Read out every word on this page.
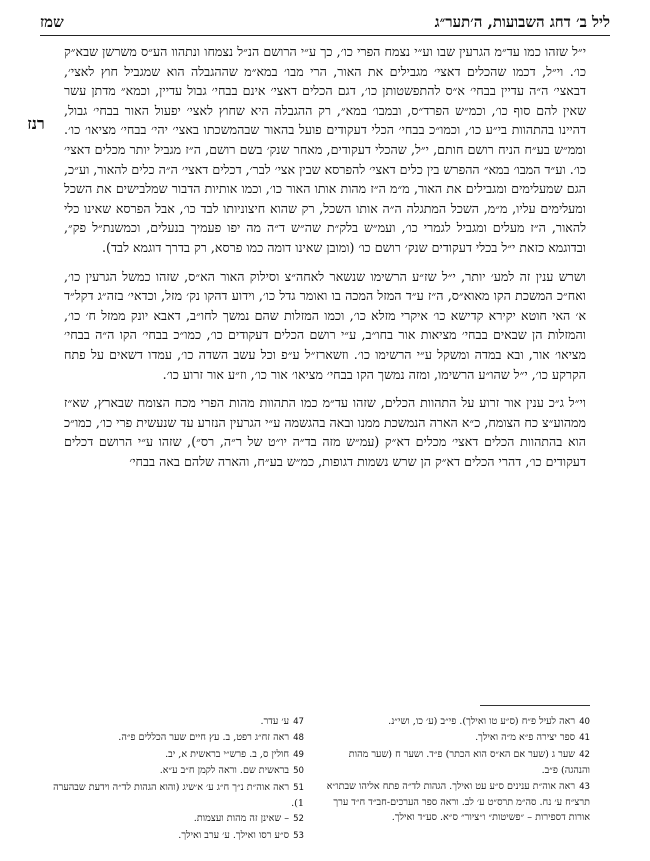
ליל ב׳ דחג השבועות, ה׳תער״ג
שמז
רנז

י״ל שזהו כמו עד״מ הגרעין שבו וע״י נצמח הפרי כו׳, כך ע״י הרושם הנ״ל נצמחו ונתהוו הע״ס משרשן שבא״ק כו׳. וי״ל, דכמו שהכלים דאצי׳ מגבילים את האור, הרי מבו׳ במא״מ שההגבלה הוא שמגביל חוץ לאצי׳, דבאצי׳ ה״ה עדיין בבחי׳ א״ס להתפשטותן כו׳, דגם הכלים דאצי׳ אינם בבחי׳ גבול עדיין, וכמא״ מדתן עשר שאין להם סוף כו׳, וכמ״ש הפרד״ס, ובמבו׳ במא״, רק ההגבלה היא שחוץ לאצי׳ יפעול האור בבחי׳ גבול, דהיינו בהתהוות בי״ע כו׳, וכמו״כ בבחי׳ הכלי דעקודים פועל בהאור שבהמשכתו באצי׳ יהי׳ בבחי׳ מציאו׳ כו׳. וממ״ש בע״ח הניח רושם חותם, י״ל, שהכלי דעקודים, מאחר שנק׳ בשם רושם, ה״ז מגביל יותר מכלים דאצי׳ כו׳. וע״ד המבו׳ במא״ ההפרש בין כלים דאצי׳ להפרסא שבין אצי׳ לבר׳, דכלים דאצי׳ ה״ה כלים להאור, וע״כ, הגם שמעלימים ומגבילים את האור, מ״מ ה״ז מהות אותו האור כו׳, וכמו אותיות הדבור שמלבישים את השכל ומעלימים עליו, מ״מ, השכל המתגלה ה״ה אותו השכל, רק שהוא חיצוניותו לבד כו׳, אבל הפרסא שאינו כלי להאור, ה״ז מעלים ומגביל לגמרי כו׳, ועמ״ש בלק״ת שה״ש ד״ה מה יפו פעמיך בנעלים, וכמשנת״ל פק״, ובדוגמא כזאת י״ל בכלי דעקודים שנק׳ רושם כו׳ (ומובן שאינו דומה כמו פרסא, רק בדרך דוגמא לבד).

ושרש ענין זה למע׳ יותר, י״ל שז״ע הרשימו שנשאר לאחה״צ וסילוק האור הא״ס, שזהו כמשל הגרעין כו׳, ואח״כ המשכת הקו מאוא״ס, ה״ז ע״ד המזל המכה בו ואומר גדל כו׳, וידוע דהקו נק׳ מזל, וכדאי׳ בזה״ג דקל״ד א׳ האי חוטא יקירא קדישא כו׳ איקרי מזלא כו׳, וכמו המזלות שהם נמשך לחו״ב, דאבא יונק ממזל ח׳ כו׳, והמזלות הן שבאים בבחי׳ מציאות אור בחו״ב, ע״י רושם הכלים דעקודים כו׳, כמו״כ בבחי׳ הקו ה״ה בבחי׳ מציאו׳ אור, ובא במדה ומשקל ע״י הרשימו כו׳. וזשארז״ל ע״פ וכל עשב השדה כו׳, עמדו דשאים על פתח הקרקע כו׳, י״ל שהו״ע הרשימו, ומזה נמשך הקו בבחי׳ מציאו׳ אור כו׳, וז״ע אור זרוע כו׳.

וי״ל ג״כ ענין אור זרוע על התהוות הכלים, שזהו עד״מ כמו התהוות מהות הפרי מכח הצומח שבארץ, שא״ז ממהוע״צ כח הצומח, כ״א הארה הנמשכת ממנו ובאה בהגשמה ע״י הגרעין הנזרע עד שנעשית פרי כו׳, כמו״כ הוא בהתהוות הכלים דאצי׳ מכלים דא״ק (עמ״ש מזה בד״ה יו״ט של ר״ה, רס״), שזהו ע״י הרושם דכלים דעקודים כו׳, דהרי הכלים דא״ק הן שרש נשמות דגופות, כמ״ש בע״ח, והארה שלהם באה בבחי׳

40ראה לעיל פ״ח (ס״ע טו ואילך). פי״ב (ע׳ כו, ושי״נ.
41ספר יצירה פ״א מ״ה ואילך.
42שער ג (שער אם הא״ס הוא הכתר) פ״ד. ושער ח (שער מהות והנהגה) פ״ב.
43ראה אוה״ת ענינים ס״ע עט ואילך. הגהות לד״ה פתח אליהו שבתו״א תרצ״ח ע׳ נח. סה״מ תרס״ט ע׳ לב. וראה ספר הערכים-חב״ד ח״ד ערך אורות דספירות – ״פשיטות״ ו״ציור״ ס״א. סע״ד ואילך.
47ע׳ עדר.
48ראה זח״ג רפט, ב. עץ חיים שער הכללים פ״ה.
49חולין ס, ב. פרש״י בראשית א, יב.
50בראשית שם. וראה לקמן ח״ב ע״א.
51ראה אוה״ת נ״ך ח״ג ע׳ א׳שיג (והוא הגהות לד״ה וידעת שבהערה 1).
52– שאינן זה מהות ועצמות.
53ס״ע רסו ואילך. ע׳ ערב ואילך.
